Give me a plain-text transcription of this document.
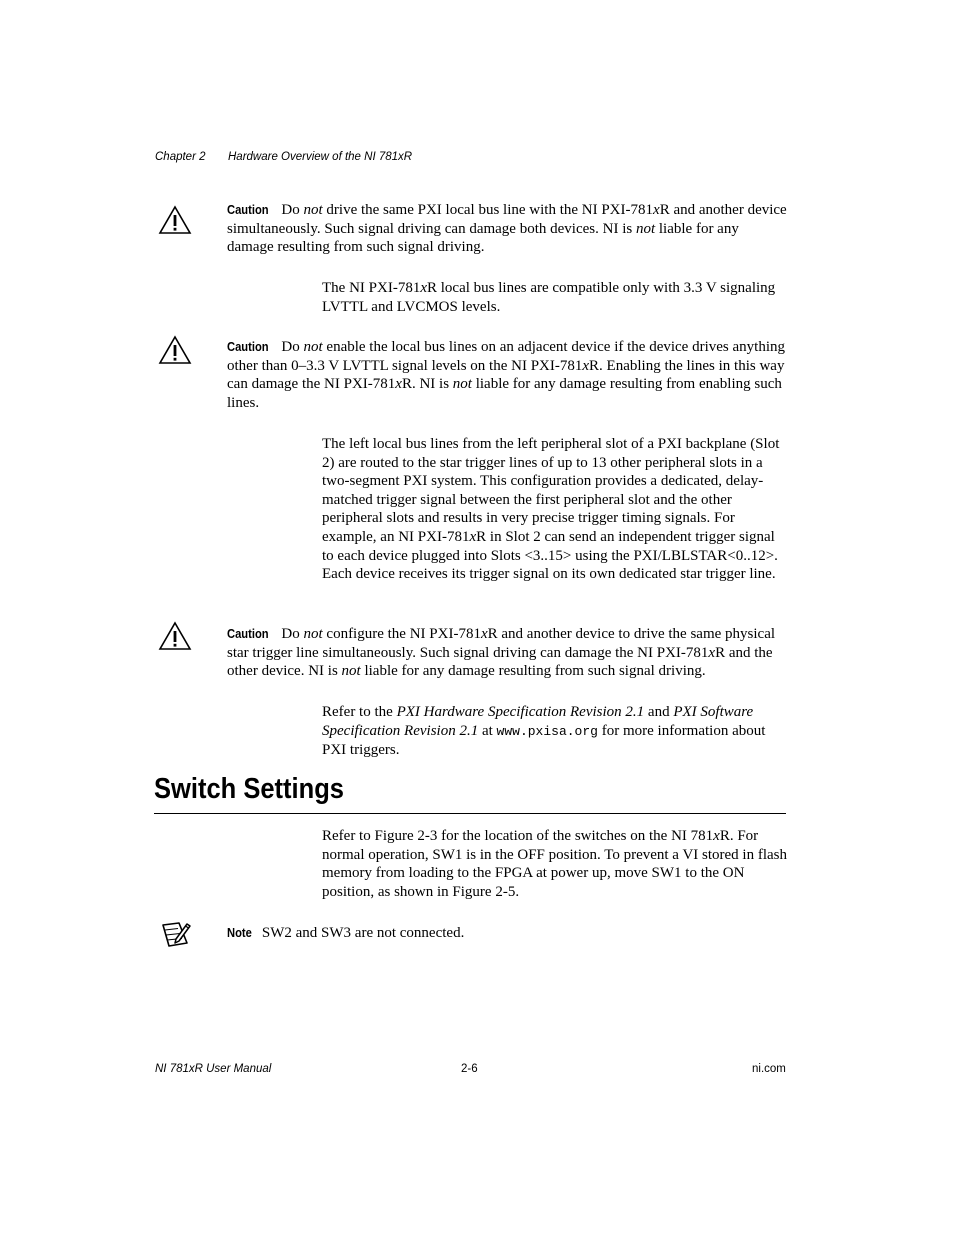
Chapter 2 Hardware Overview of the NI 781xR

Caution Do not drive the same PXI local bus line with the NI PXI-781xR and another device simultaneously. Such signal driving can damage both devices. NI is not liable for any damage resulting from such signal driving.

The NI PXI-781xR local bus lines are compatible only with 3.3 V signaling LVTTL and LVCMOS levels.

Caution Do not enable the local bus lines on an adjacent device if the device drives anything other than 0–3.3 V LVTTL signal levels on the NI PXI-781xR. Enabling the lines in this way can damage the NI PXI-781xR. NI is not liable for any damage resulting from enabling such lines.

The left local bus lines from the left peripheral slot of a PXI backplane (Slot 2) are routed to the star trigger lines of up to 13 other peripheral slots in a two-segment PXI system. This configuration provides a dedicated, delay-matched trigger signal between the first peripheral slot and the other peripheral slots and results in very precise trigger timing signals. For example, an NI PXI-781xR in Slot 2 can send an independent trigger signal to each device plugged into Slots <3..15> using the PXI/LBLSTAR<0..12>. Each device receives its trigger signal on its own dedicated star trigger line.

Caution Do not configure the NI PXI-781xR and another device to drive the same physical star trigger line simultaneously. Such signal driving can damage the NI PXI-781xR and the other device. NI is not liable for any damage resulting from such signal driving.

Refer to the PXI Hardware Specification Revision 2.1 and PXI Software Specification Revision 2.1 at www.pxisa.org for more information about PXI triggers.

Switch Settings

Refer to Figure 2-3 for the location of the switches on the NI 781xR. For normal operation, SW1 is in the OFF position. To prevent a VI stored in flash memory from loading to the FPGA at power up, move SW1 to the ON position, as shown in Figure 2-5.

Note SW2 and SW3 are not connected.

NI 781xR User Manual	2-6	ni.com
